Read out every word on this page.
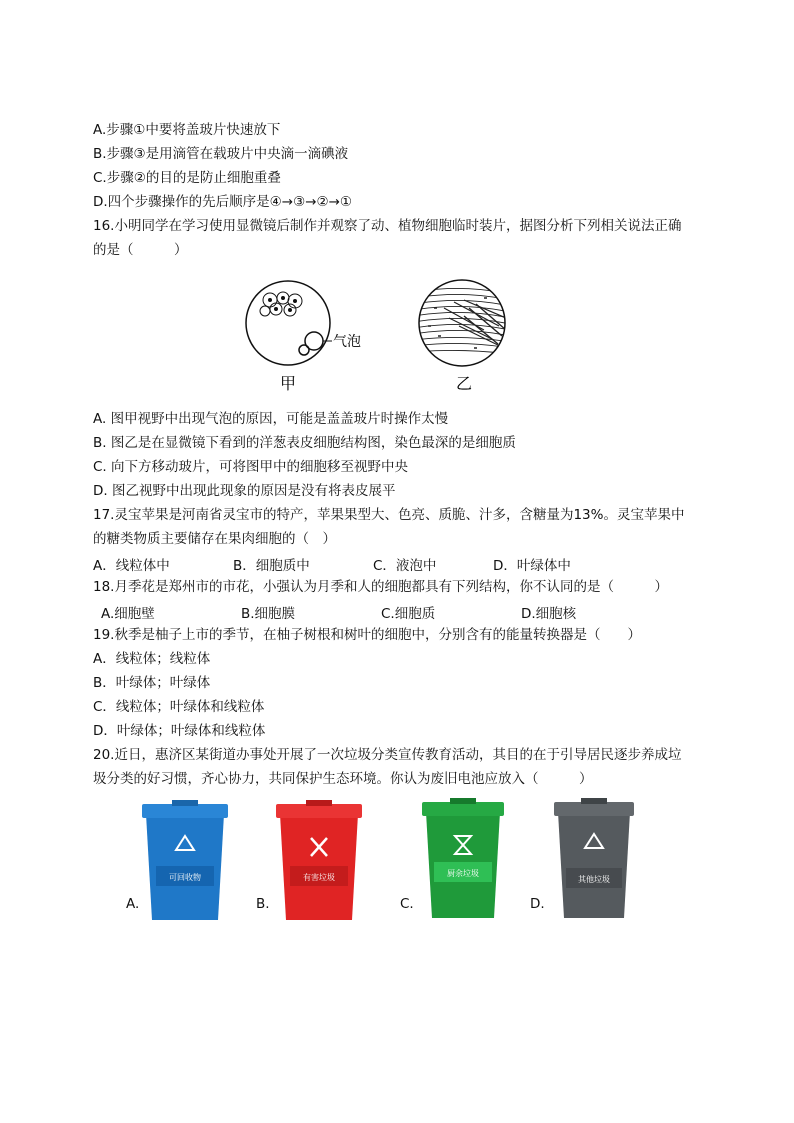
A.步骤①中要将盖玻片快速放下
B.步骤③是用滴管在载玻片中央滴一滴碘液
C.步骤②的目的是防止细胞重叠
D.四个步骤操作的先后顺序是④→③→②→①
16.小明同学在学习使用显微镜后制作并观察了动、植物细胞临时装片，据图分析下列相关说法正确
的是（　　　）
气泡
甲	乙
A. 图甲视野中出现气泡的原因，可能是盖盖玻片时操作太慢
B. 图乙是在显微镜下看到的洋葱表皮细胞结构图，染色最深的是细胞质
C. 向下方移动玻片，可将图甲中的细胞移至视野中央
D. 图乙视野中出现此现象的原因是没有将表皮展平
17.灵宝苹果是河南省灵宝市的特产，苹果果型大、色亮、质脆、汁多，含糖量为13%。灵宝苹果中
的糖类物质主要储存在果肉细胞的（　）
A．线粒体中	B．细胞质中	C．液泡中	D．叶绿体中
18.月季花是郑州市的市花，小强认为月季和人的细胞都具有下列结构，你不认同的是（　　　）
A.细胞壁	B.细胞膜	C.细胞质	D.细胞核
19.秋季是柚子上市的季节，在柚子树根和树叶的细胞中，分别含有的能量转换器是（　　）
A．线粒体；线粒体
B．叶绿体；叶绿体
C．线粒体；叶绿体和线粒体
D．叶绿体；叶绿体和线粒体
20.近日，惠济区某街道办事处开展了一次垃圾分类宣传教育活动，其目的在于引导居民逐步养成垃
圾分类的好习惯，齐心协力，共同保护生态环境。你认为废旧电池应放入（　　　）
A.
可回收物
B.
有害垃圾
C.
厨余垃圾
D.
其他垃圾
